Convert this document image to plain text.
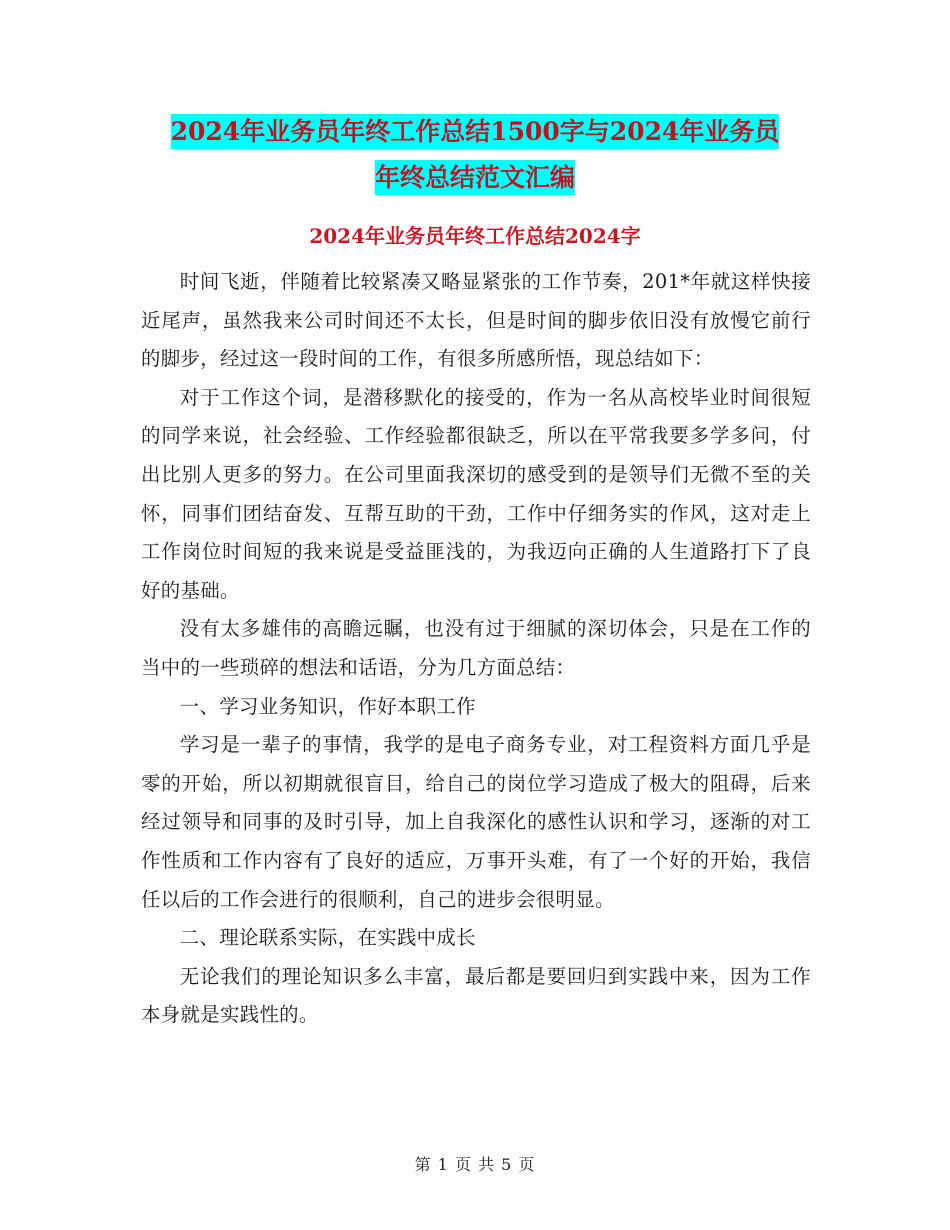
2024年业务员年终工作总结1500字与2024年业务员
年终总结范文汇编
2024年业务员年终工作总结2024字

时间飞逝，伴随着比较紧凑又略显紧张的工作节奏，201*年就这样快接近尾声，虽然我来公司时间还不太长，但是时间的脚步依旧没有放慢它前行的脚步，经过这一段时间的工作，有很多所感所悟，现总结如下：

对于工作这个词，是潜移默化的接受的，作为一名从高校毕业时间很短的同学来说，社会经验、工作经验都很缺乏，所以在平常我要多学多问，付出比别人更多的努力。在公司里面我深切的感受到的是领导们无微不至的关怀，同事们团结奋发、互帮互助的干劲，工作中仔细务实的作风，这对走上工作岗位时间短的我来说是受益匪浅的，为我迈向正确的人生道路打下了良好的基础。

没有太多雄伟的高瞻远瞩，也没有过于细腻的深切体会，只是在工作的当中的一些琐碎的想法和话语，分为几方面总结：

一、学习业务知识，作好本职工作

学习是一辈子的事情，我学的是电子商务专业，对工程资料方面几乎是零的开始，所以初期就很盲目，给自己的岗位学习造成了极大的阻碍，后来经过领导和同事的及时引导，加上自我深化的感性认识和学习，逐渐的对工作性质和工作内容有了良好的适应，万事开头难，有了一个好的开始，我信任以后的工作会进行的很顺利，自己的进步会很明显。

二、理论联系实际，在实践中成长

无论我们的理论知识多么丰富，最后都是要回归到实践中来，因为工作本身就是实践性的。

第 1 页 共 5 页
